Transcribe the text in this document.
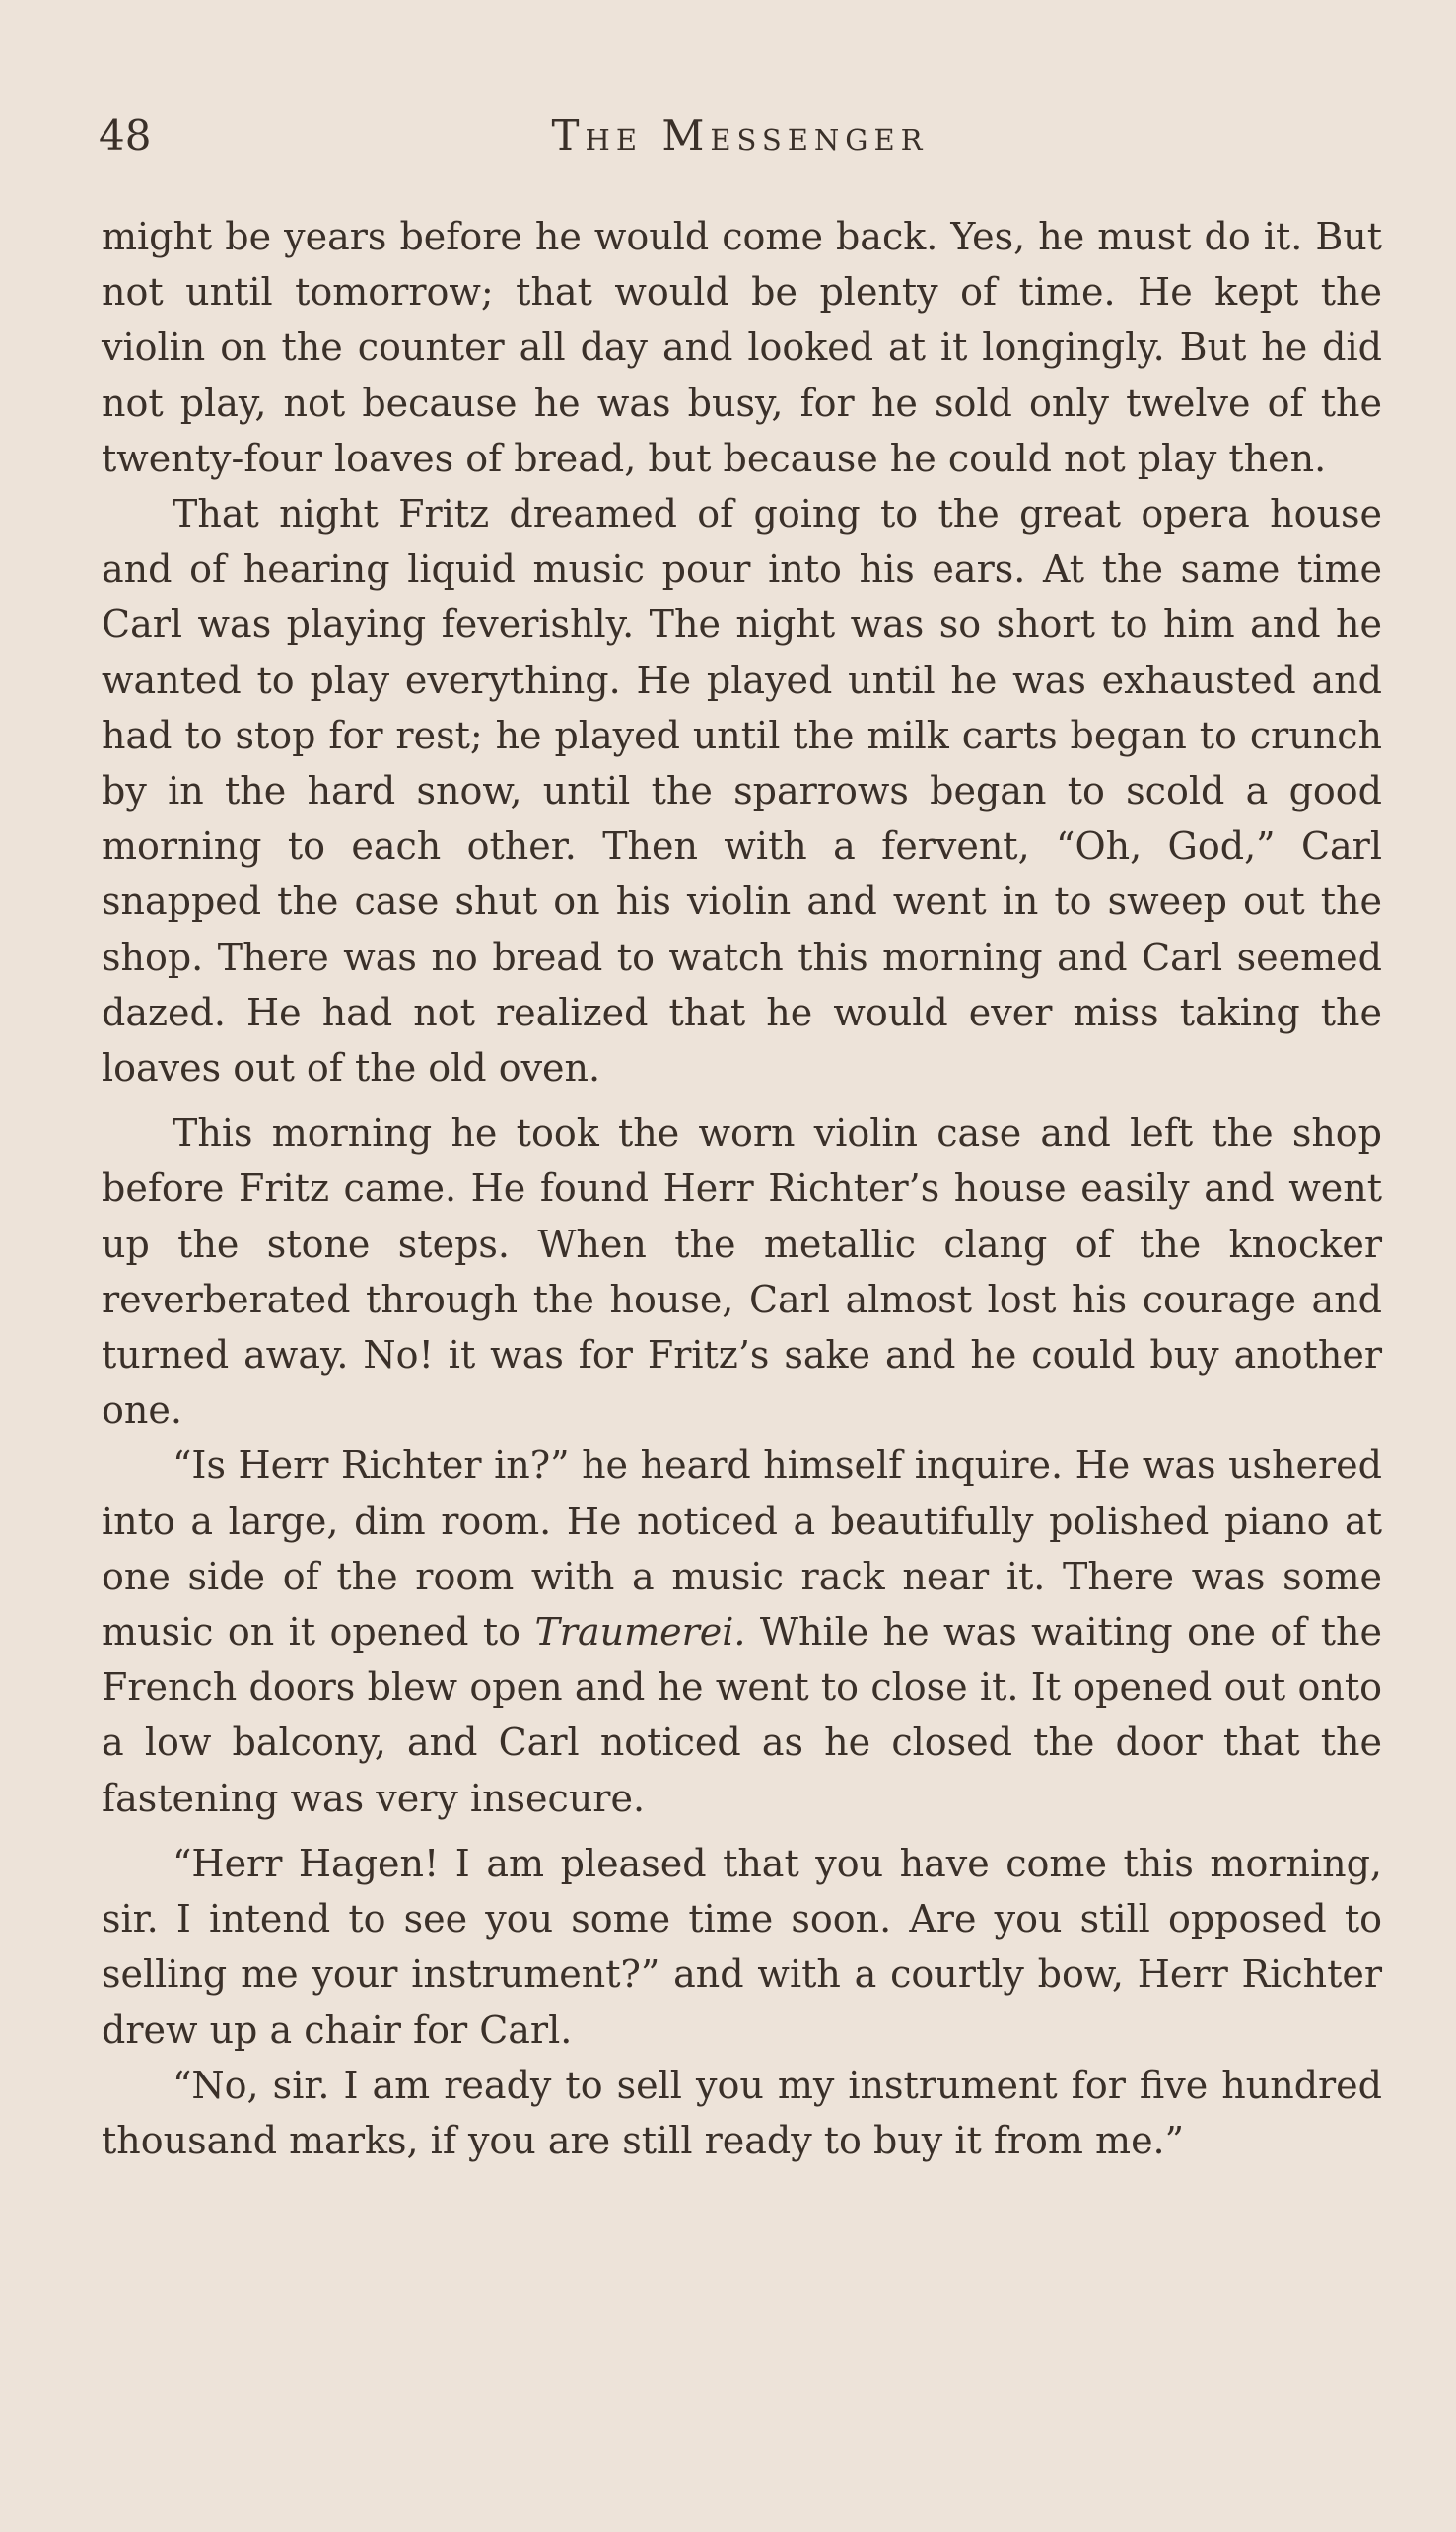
48	The Messenger

might be years before he would come back. Yes, he must do it. But not until tomorrow; that would be plenty of time. He kept the violin on the counter all day and looked at it longingly. But he did not play, not because he was busy, for he sold only twelve of the twenty-four loaves of bread, but because he could not play then.

That night Fritz dreamed of going to the great opera house and of hearing liquid music pour into his ears. At the same time Carl was playing feverishly. The night was so short to him and he wanted to play everything. He played until he was exhausted and had to stop for rest; he played until the milk carts began to crunch by in the hard snow, until the sparrows began to scold a good morning to each other. Then with a fervent, “Oh, God,” Carl snapped the case shut on his violin and went in to sweep out the shop. There was no bread to watch this morning and Carl seemed dazed. He had not realized that he would ever miss taking the loaves out of the old oven.

This morning he took the worn violin case and left the shop before Fritz came. He found Herr Richter’s house easily and went up the stone steps. When the metallic clang of the knocker reverberated through the house, Carl almost lost his courage and turned away. No! it was for Fritz’s sake and he could buy another one.

“Is Herr Richter in?” he heard himself inquire. He was ushered into a large, dim room. He noticed a beautifully polished piano at one side of the room with a music rack near it. There was some music on it opened to Traumerei. While he was waiting one of the French doors blew open and he went to close it. It opened out onto a low balcony, and Carl noticed as he closed the door that the fastening was very insecure.

“Herr Hagen! I am pleased that you have come this morning, sir. I intend to see you some time soon. Are you still opposed to selling me your instrument?” and with a courtly bow, Herr Richter drew up a chair for Carl.

“No, sir. I am ready to sell you my instrument for five hundred thousand marks, if you are still ready to buy it from me.”
